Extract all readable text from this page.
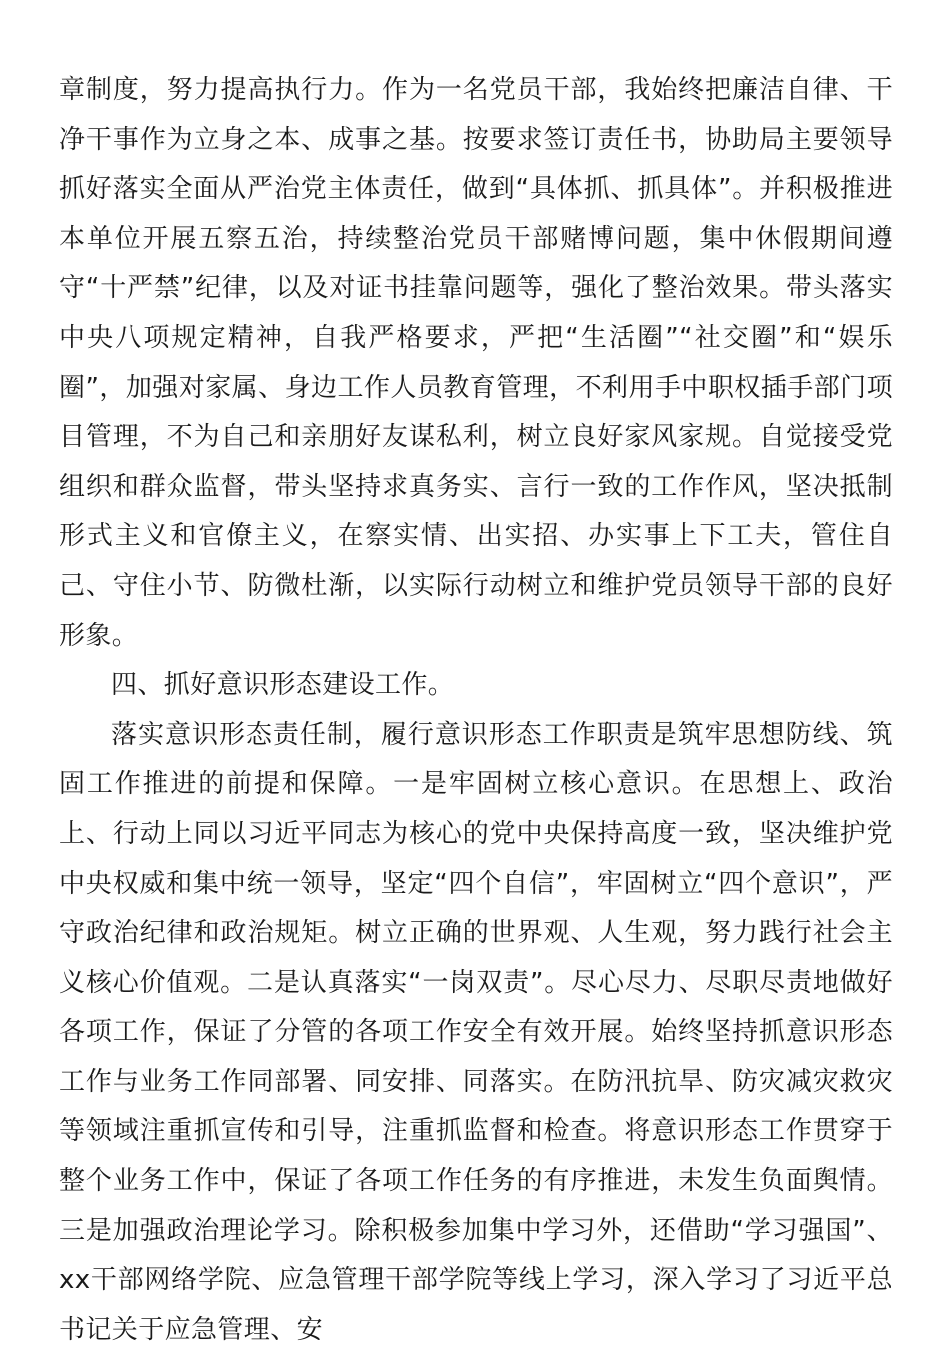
章制度，努力提高执行力。作为一名党员干部，我始终把廉洁自律、干净干事作为立身之本、成事之基。按要求签订责任书，协助局主要领导抓好落实全面从严治党主体责任，做到“具体抓、抓具体”。并积极推进本单位开展五察五治，持续整治党员干部赌博问题，集中休假期间遵守“十严禁”纪律，以及对证书挂靠问题等，强化了整治效果。带头落实中央八项规定精神，自我严格要求，严把“生活圈”“社交圈”和“娱乐圈”，加强对家属、身边工作人员教育管理，不利用手中职权插手部门项目管理，不为自己和亲朋好友谋私利，树立良好家风家规。自觉接受党组织和群众监督，带头坚持求真务实、言行一致的工作作风，坚决抵制形式主义和官僚主义，在察实情、出实招、办实事上下工夫，管住自己、守住小节、防微杜渐，以实际行动树立和维护党员领导干部的良好形象。

四、抓好意识形态建设工作。

落实意识形态责任制，履行意识形态工作职责是筑牢思想防线、筑固工作推进的前提和保障。一是牢固树立核心意识。在思想上、政治上、行动上同以习近平同志为核心的党中央保持高度一致，坚决维护党中央权威和集中统一领导，坚定“四个自信”，牢固树立“四个意识”，严守政治纪律和政治规矩。树立正确的世界观、人生观，努力践行社会主义核心价值观。二是认真落实“一岗双责”。尽心尽力、尽职尽责地做好各项工作，保证了分管的各项工作安全有效开展。始终坚持抓意识形态工作与业务工作同部署、同安排、同落实。在防汛抗旱、防灾减灾救灾等领域注重抓宣传和引导，注重抓监督和检查。将意识形态工作贯穿于整个业务工作中，保证了各项工作任务的有序推进，未发生负面舆情。三是加强政治理论学习。除积极参加集中学习外，还借助“学习强国”、xx干部网络学院、应急管理干部学院等线上学习，深入学习了习近平总书记关于应急管理、安
